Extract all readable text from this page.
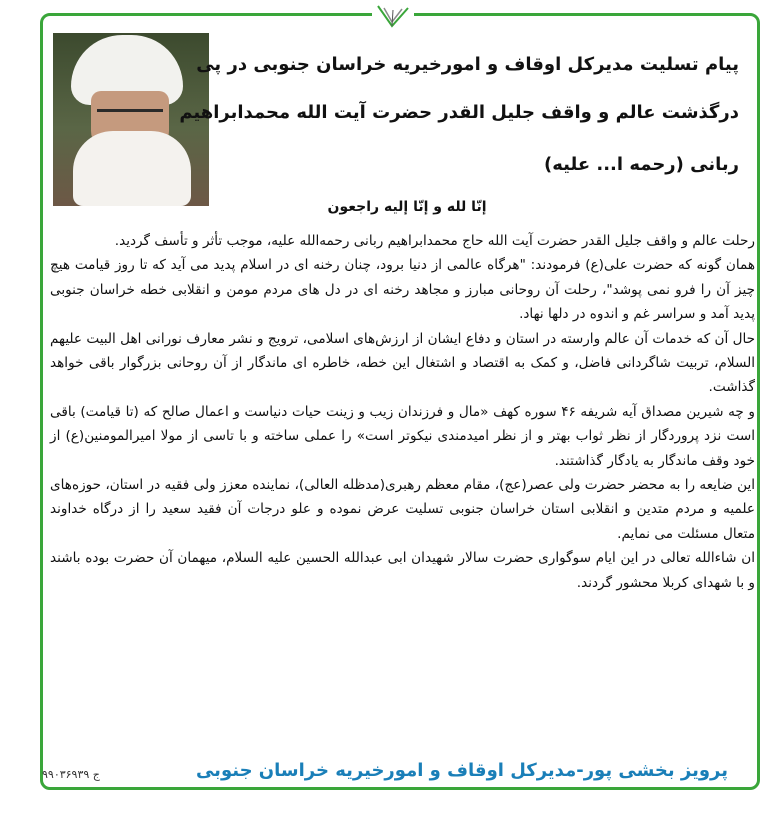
پیام تسلیت مدیرکل اوقاف و امورخیریه خراسان جنوبی در پی
درگذشت عالم و واقف جلیل القدر حضرت آیت الله محمدابراهیم
ربانی (رحمه ا... علیه)
إنّا لله و إنّا إلیه راجعون

رحلت عالم و واقف جلیل القدر حضرت آیت الله حاج محمدابراهیم ربانی رحمه‌الله علیه، موجب تأثر و تأسف گردید.

همان گونه که حضرت علی(ع) فرمودند: "هرگاه عالمی از دنیا برود، چنان رخنه ای در اسلام پدید می آید که تا روز قیامت هیچ چیز آن را فرو نمی پوشد"، رحلت آن روحانی مبارز و مجاهد رخنه ای در دل های مردم مومن و انقلابی خطه خراسان جنوبی پدید آمد و سراسر غم و اندوه در دلها نهاد.

حال آن که خدمات آن عالم وارسته در استان و دفاع ایشان از ارزش‌های اسلامی، ترویج و نشر معارف نورانی اهل البیت علیهم السلام، تربیت شاگردانی فاضل، و کمک به اقتصاد و اشتغال این خطه، خاطره ای ماندگار از آن روحانی بزرگوار باقی خواهد گذاشت.

و چه شیرین مصداق آیه شریفه ۴۶ سوره کهف «مال و فرزندان زیب و زینت حیات دنیاست و اعمال صالح که (تا قیامت) باقی است نزد پروردگار از نظر ثواب بهتر و از نظر امیدمندی نیکوتر است» را عملی ساخته و با تاسی از مولا امیرالمومنین(ع) از خود وقف ماندگار به یادگار گذاشتند.

این ضایعه را به محضر حضرت ولی عصر(عج)، مقام معظم رهبری(مدظله العالی)، نماینده معزز ولی فقیه در استان، حوزه‌های علمیه و مردم متدین و انقلابی استان خراسان جنوبی تسلیت عرض نموده و علو درجات آن فقید سعید را از درگاه خداوند متعال مسئلت می نمایم.

ان شاءالله تعالی در این ایام سوگواری حضرت سالار شهیدان ابی عبدالله الحسین علیه السلام، میهمان آن حضرت بوده باشند و با شهدای کربلا محشور گردند.

پرویز بخشی پور-مدیرکل اوقاف و امورخیریه خراسان جنوبی
ج ۹۹۰۳۶۹۳۹
